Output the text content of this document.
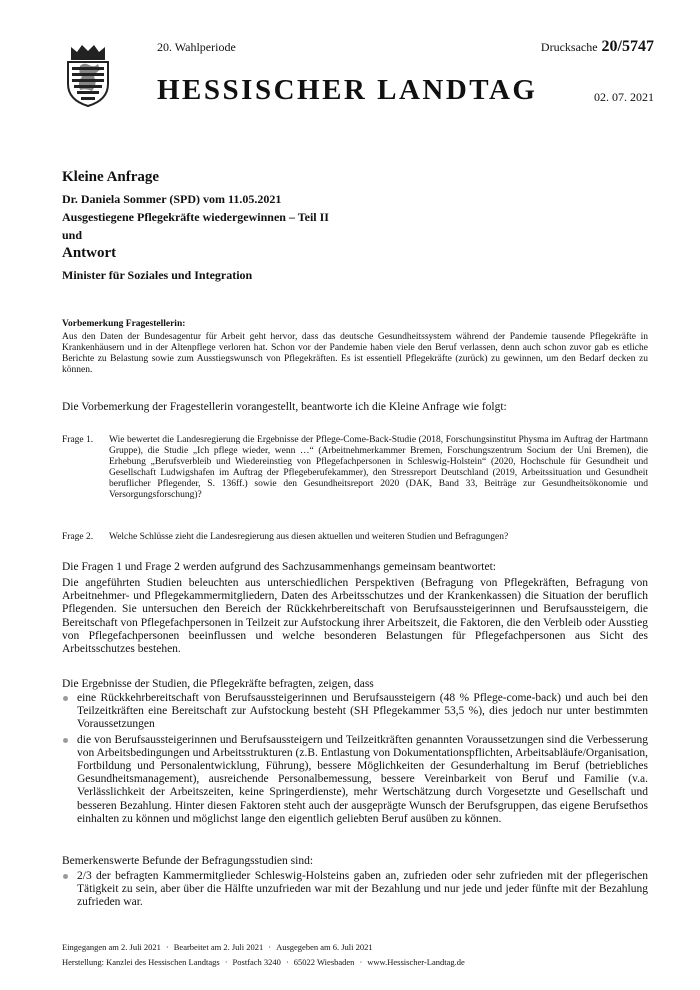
20. Wahlperiode
HESSISCHER LANDTAG
Drucksache 20/5747
02. 07. 2021
Kleine Anfrage
Dr. Daniela Sommer (SPD) vom 11.05.2021
Ausgestiegene Pflegekräfte wiedergewinnen – Teil II
und
Antwort
Minister für Soziales und Integration
Vorbemerkung Fragestellerin:
Aus den Daten der Bundesagentur für Arbeit geht hervor, dass das deutsche Gesundheitssystem während der Pandemie tausende Pflegekräfte in Krankenhäusern und in der Altenpflege verloren hat. Schon vor der Pandemie haben viele den Beruf verlassen, denn auch schon zuvor gab es etliche Berichte zu Belastung sowie zum Ausstiegswunsch von Pflegekräften. Es ist essentiell Pflegekräfte (zurück) zu gewinnen, um den Bedarf decken zu können.
Die Vorbemerkung der Fragestellerin vorangestellt, beantworte ich die Kleine Anfrage wie folgt:
Frage 1. Wie bewertet die Landesregierung die Ergebnisse der Pflege-Come-Back-Studie (2018, Forschungsinstitut Physma im Auftrag der Hartmann Gruppe), die Studie „Ich pflege wieder, wenn …“ (Arbeitnehmerkammer Bremen, Forschungszentrum Socium der Uni Bremen), die Erhebung „Berufsverbleib und Wiedereinstieg von Pflegefachpersonen in Schleswig-Holstein“ (2020, Hochschule für Gesundheit und Gesellschaft Ludwigshafen im Auftrag der Pflegeberufekammer), den Stressreport Deutschland (2019, Arbeitssituation und Gesundheit beruflicher Pflegender, S. 136ff.) sowie den Gesundheitsreport 2020 (DAK, Band 33, Beiträge zur Gesundheitsökonomie und Versorgungsforschung)?
Frage 2. Welche Schlüsse zieht die Landesregierung aus diesen aktuellen und weiteren Studien und Befragungen?
Die Fragen 1 und Frage 2 werden aufgrund des Sachzusammenhangs gemeinsam beantwortet:
Die angeführten Studien beleuchten aus unterschiedlichen Perspektiven (Befragung von Pflegekräften, Befragung von Arbeitnehmer- und Pflegekammermitgliedern, Daten des Arbeitsschutzes und der Krankenkassen) die Situation der beruflich Pflegenden. Sie untersuchen den Bereich der Rückkehrbereitschaft von Berufsaussteigerinnen und Berufsaussteigern, die Bereitschaft von Pflegefachpersonen in Teilzeit zur Aufstockung ihrer Arbeitszeit, die Faktoren, die den Verbleib oder Ausstieg von Pflegefachpersonen beeinflussen und welche besonderen Belastungen für Pflegefachpersonen aus Sicht des Arbeitsschutzes bestehen.
Die Ergebnisse der Studien, die Pflegekräfte befragten, zeigen, dass
eine Rückkehrbereitschaft von Berufsaussteigerinnen und Berufsaussteigern (48 % Pflege-come-back) und auch bei den Teilzeitkräften eine Bereitschaft zur Aufstockung besteht (SH Pflegekammer 53,5 %), dies jedoch nur unter bestimmten Voraussetzungen
die von Berufsaussteigerinnen und Berufsaussteigern und Teilzeitkräften genannten Voraussetzungen sind die Verbesserung von Arbeitsbedingungen und Arbeitsstrukturen (z.B. Entlastung von Dokumentationspflichten, Arbeitsabläufe/Organisation, Fortbildung und Personalentwicklung, Führung), bessere Möglichkeiten der Gesunderhaltung im Beruf (betriebliches Gesundheitsmanagement), ausreichende Personalbemessung, bessere Vereinbarkeit von Beruf und Familie (v.a. Verlässlichkeit der Arbeitszeiten, keine Springerdienste), mehr Wertschätzung durch Vorgesetzte und Gesellschaft und besseren Bezahlung. Hinter diesen Faktoren steht auch der ausgeprägte Wunsch der Berufsgruppen, das eigene Berufsethos einhalten zu können und möglichst lange den eigentlich geliebten Beruf ausüben zu können.
Bemerkenswerte Befunde der Befragungsstudien sind:
2/3 der befragten Kammermitglieder Schleswig-Holsteins gaben an, zufrieden oder sehr zufrieden mit der pflegerischen Tätigkeit zu sein, aber über die Hälfte unzufrieden war mit der Bezahlung und nur jede und jeder fünfte mit der Bezahlung zufrieden war.
Eingegangen am 2. Juli 2021 · Bearbeitet am 2. Juli 2021 · Ausgegeben am 6. Juli 2021
Herstellung: Kanzlei des Hessischen Landtags · Postfach 3240 · 65022 Wiesbaden · www.Hessischer-Landtag.de
